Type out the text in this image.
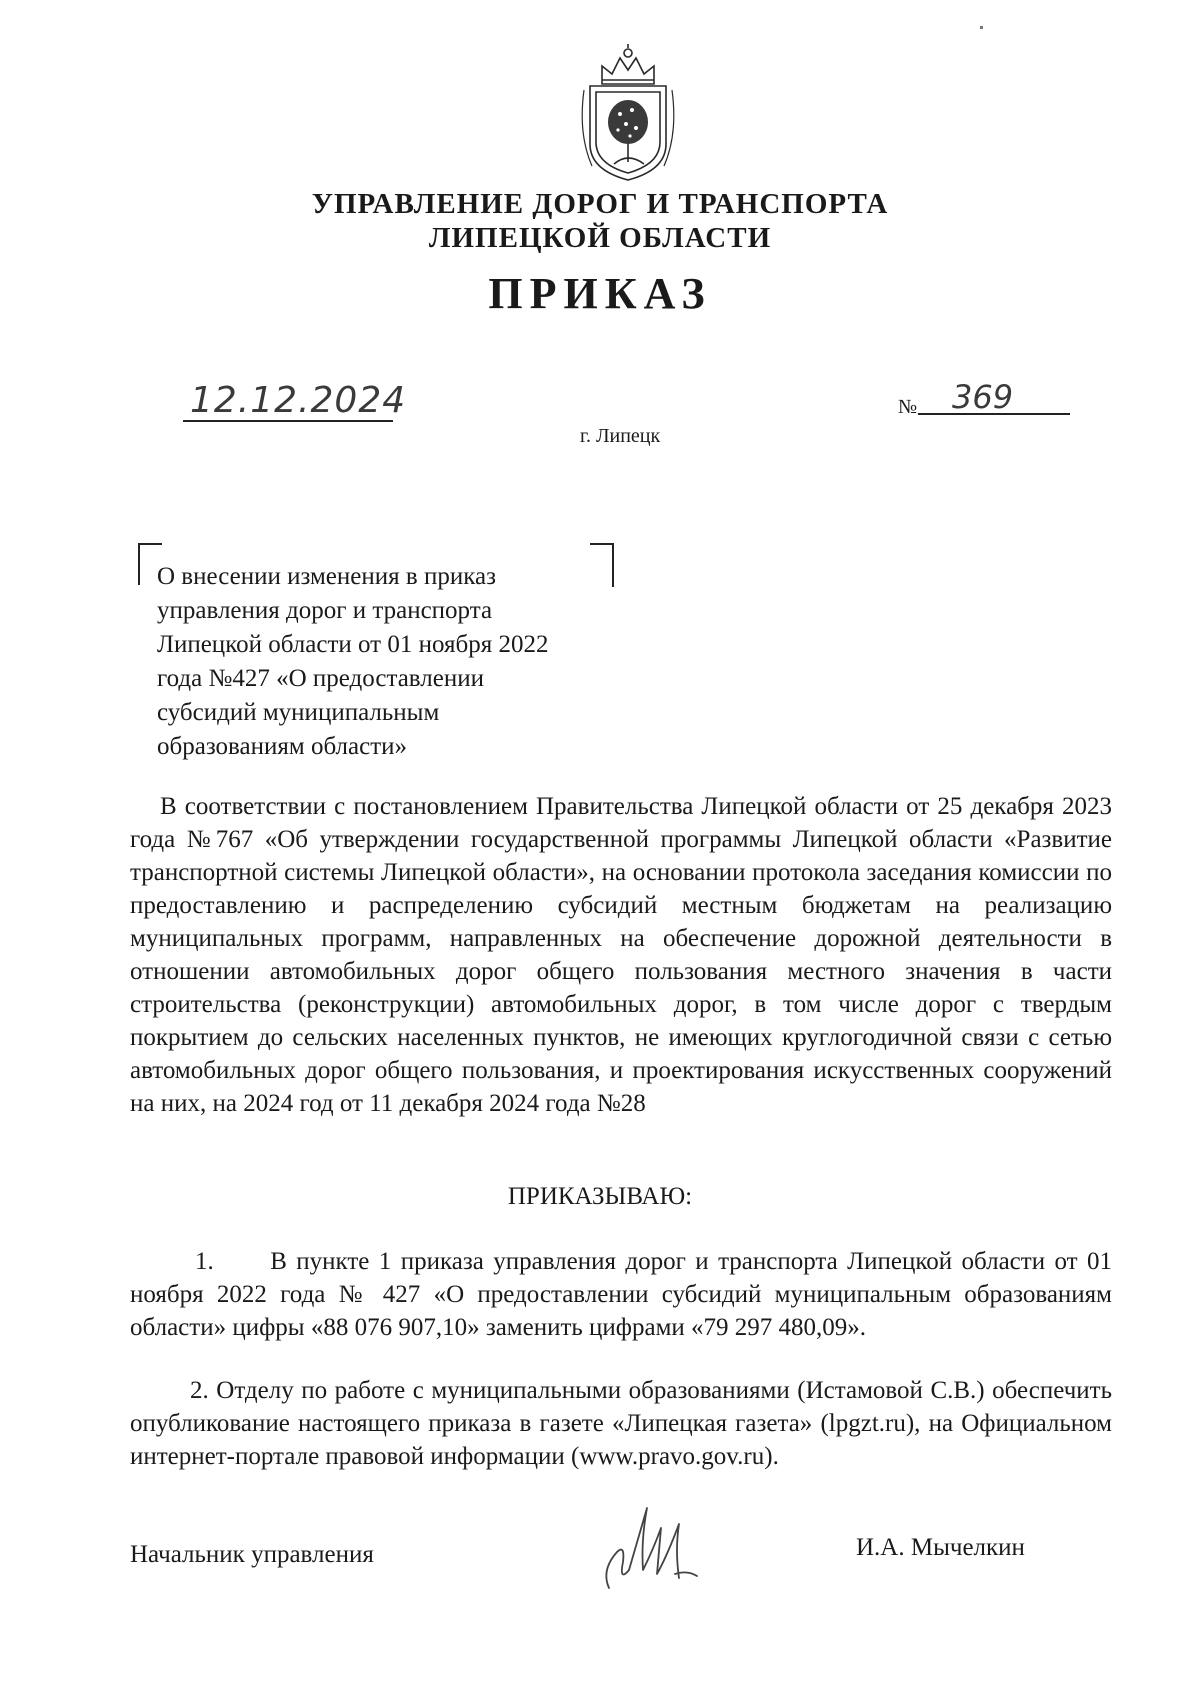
УПРАВЛЕНИЕ ДОРОГ И ТРАНСПОРТА
ЛИПЕЦКОЙ ОБЛАСТИ
ПРИКАЗ
12.12.2024	№ 369
г. Липецк
О внесении изменения в приказ
управления дорог и транспорта
Липецкой области от 01 ноября 2022
года №427 «О предоставлении
субсидий муниципальным
образованиям области»
В соответствии с постановлением Правительства Липецкой области от 25 декабря 2023 года №767 «Об утверждении государственной программы Липецкой области «Развитие транспортной системы Липецкой области», на основании протокола заседания комиссии по предоставлению и распределению субсидий местным бюджетам на реализацию муниципальных программ, направленных на обеспечение дорожной деятельности в отношении автомобильных дорог общего пользования местного значения в части строительства (реконструкции) автомобильных дорог, в том числе дорог с твердым покрытием до сельских населенных пунктов, не имеющих круглогодичной связи с сетью автомобильных дорог общего пользования, и проектирования искусственных сооружений на них, на 2024 год от 11 декабря 2024 года №28
ПРИКАЗЫВАЮ:
1.      В пункте 1 приказа управления дорог и транспорта Липецкой области от 01 ноября 2022 года № 427 «О предоставлении субсидий муниципальным образованиям области» цифры «88 076 907,10» заменить цифрами «79 297 480,09».
2. Отделу по работе с муниципальными образованиями (Истамовой С.В.) обеспечить опубликование настоящего приказа в газете «Липецкая газета» (lpgzt.ru), на Официальном интернет-портале правовой информации (www.pravo.gov.ru).
Начальник управления	И.А. Мычелкин
